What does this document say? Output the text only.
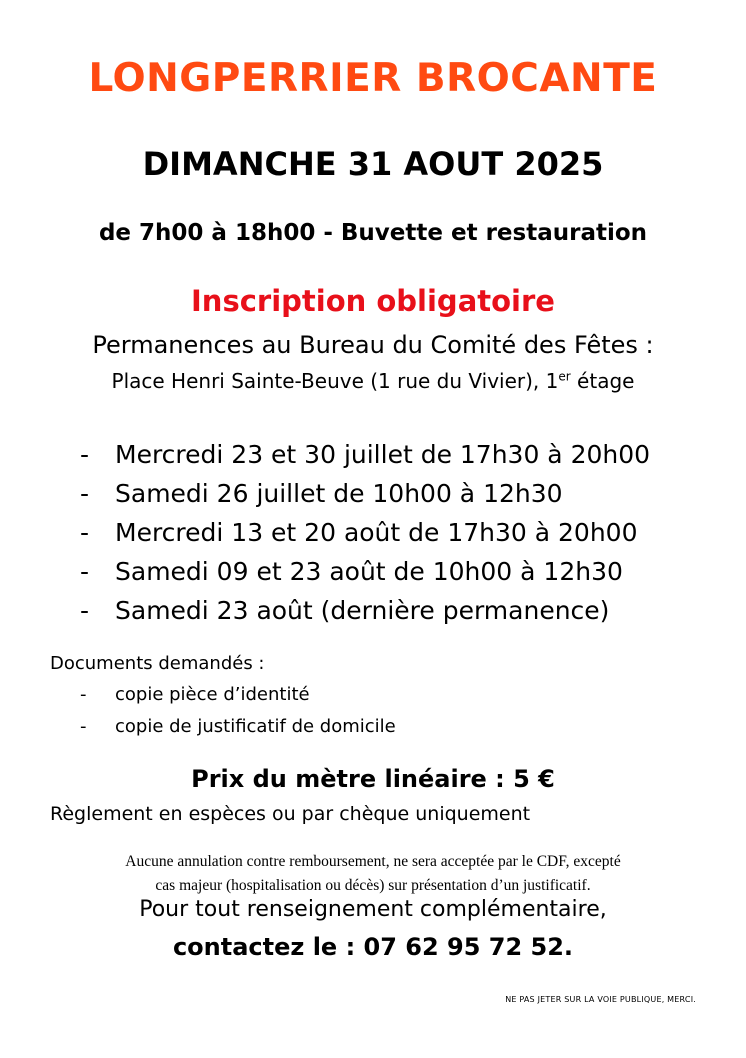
LONGPERRIER BROCANTE
DIMANCHE 31 AOUT 2025
de 7h00 à 18h00 - Buvette et restauration
Inscription obligatoire
Permanences au Bureau du Comité des Fêtes :
Place Henri Sainte-Beuve (1 rue du Vivier), 1er étage
- Mercredi 23 et 30 juillet de 17h30 à 20h00
- Samedi 26 juillet de 10h00 à 12h30
- Mercredi 13 et 20 août de 17h30 à 20h00
- Samedi 09 et 23 août de 10h00 à 12h30
- Samedi 23 août (dernière permanence)
Documents demandés :
- copie pièce d’identité
- copie de justificatif de domicile
Prix du mètre linéaire : 5 €
Règlement en espèces ou par chèque uniquement
Aucune annulation contre remboursement, ne sera acceptée par le CDF, excepté
cas majeur (hospitalisation ou décès) sur présentation d’un justificatif.
Pour tout renseignement complémentaire,
contactez le : 07 62 95 72 52.
NE PAS JETER SUR LA VOIE PUBLIQUE, MERCI.
